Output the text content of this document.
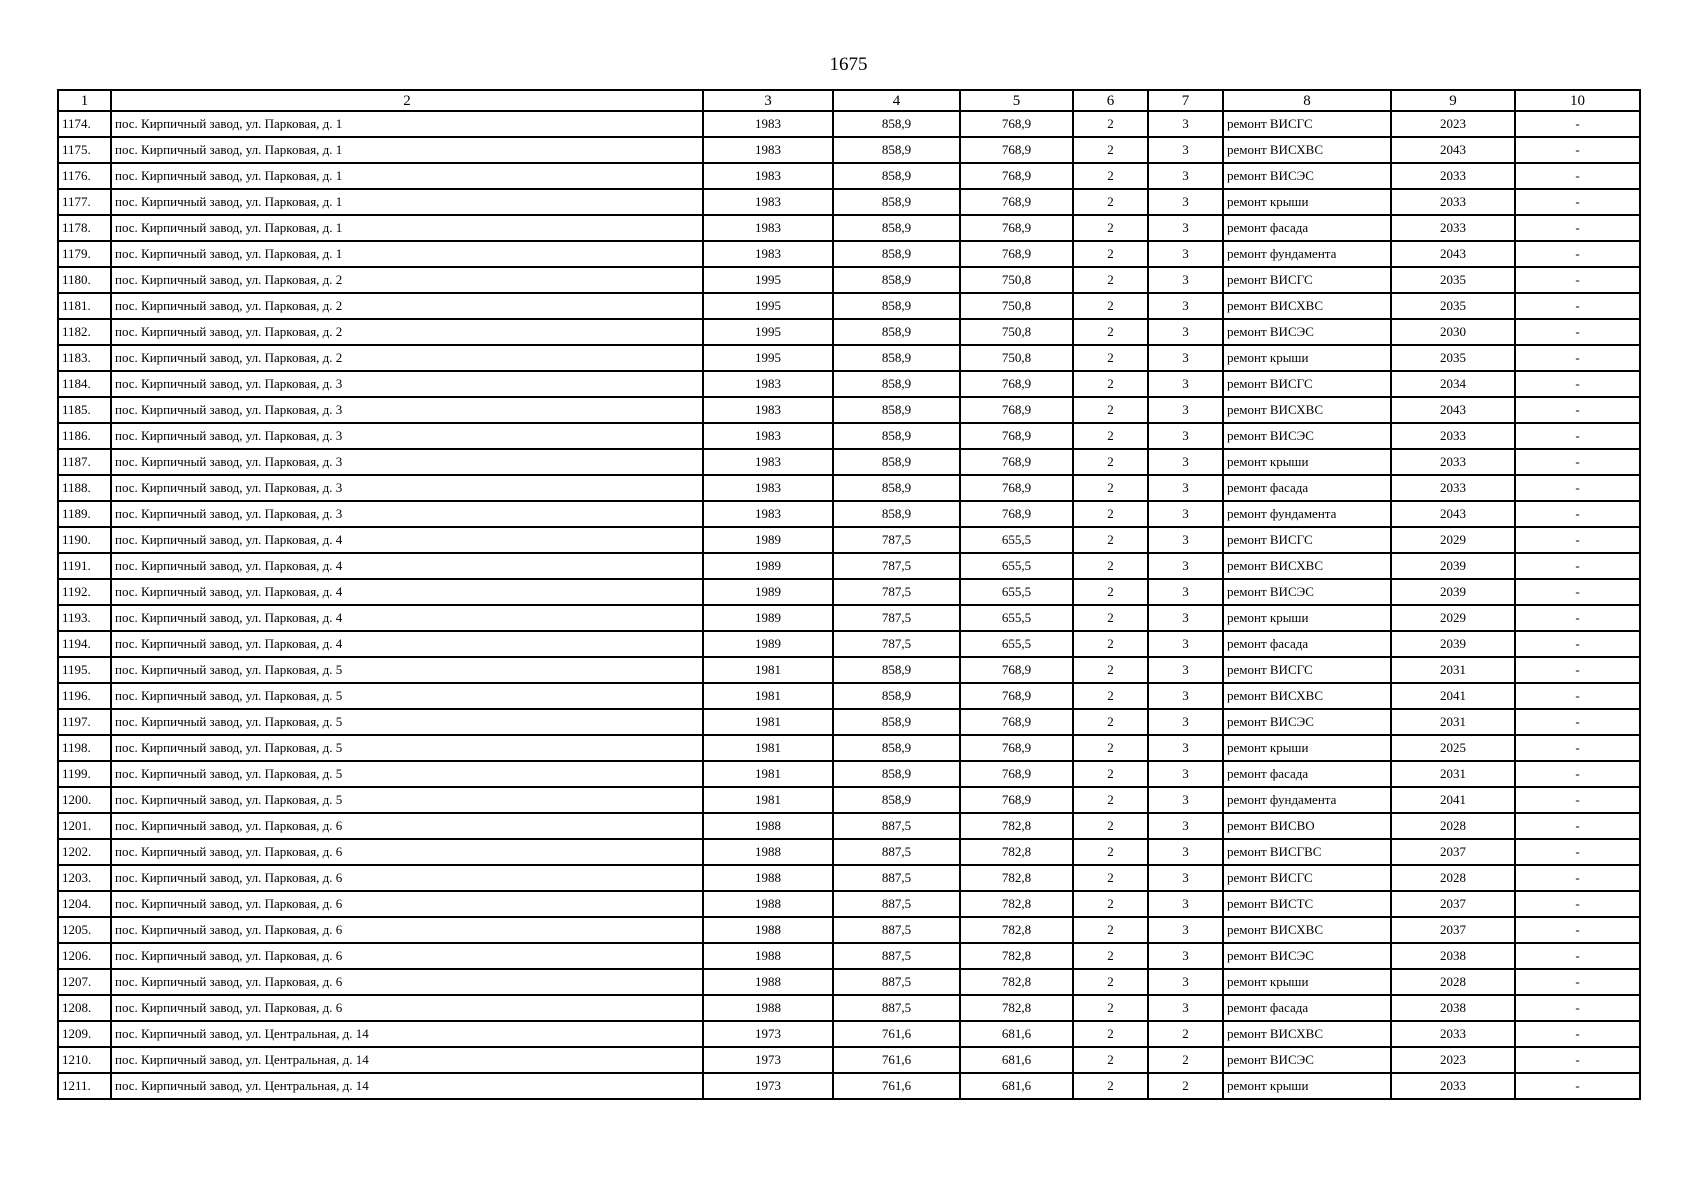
1675
1	2	3	4	5	6	7	8	9	10
1174.	пос. Кирпичный завод, ул. Парковая, д. 1	1983	858,9	768,9	2	3	ремонт ВИСГС	2023	-
1175.	пос. Кирпичный завод, ул. Парковая, д. 1	1983	858,9	768,9	2	3	ремонт ВИСХВС	2043	-
1176.	пос. Кирпичный завод, ул. Парковая, д. 1	1983	858,9	768,9	2	3	ремонт ВИСЭС	2033	-
1177.	пос. Кирпичный завод, ул. Парковая, д. 1	1983	858,9	768,9	2	3	ремонт крыши	2033	-
1178.	пос. Кирпичный завод, ул. Парковая, д. 1	1983	858,9	768,9	2	3	ремонт фасада	2033	-
1179.	пос. Кирпичный завод, ул. Парковая, д. 1	1983	858,9	768,9	2	3	ремонт фундамента	2043	-
1180.	пос. Кирпичный завод, ул. Парковая, д. 2	1995	858,9	750,8	2	3	ремонт ВИСГС	2035	-
1181.	пос. Кирпичный завод, ул. Парковая, д. 2	1995	858,9	750,8	2	3	ремонт ВИСХВС	2035	-
1182.	пос. Кирпичный завод, ул. Парковая, д. 2	1995	858,9	750,8	2	3	ремонт ВИСЭС	2030	-
1183.	пос. Кирпичный завод, ул. Парковая, д. 2	1995	858,9	750,8	2	3	ремонт крыши	2035	-
1184.	пос. Кирпичный завод, ул. Парковая, д. 3	1983	858,9	768,9	2	3	ремонт ВИСГС	2034	-
1185.	пос. Кирпичный завод, ул. Парковая, д. 3	1983	858,9	768,9	2	3	ремонт ВИСХВС	2043	-
1186.	пос. Кирпичный завод, ул. Парковая, д. 3	1983	858,9	768,9	2	3	ремонт ВИСЭС	2033	-
1187.	пос. Кирпичный завод, ул. Парковая, д. 3	1983	858,9	768,9	2	3	ремонт крыши	2033	-
1188.	пос. Кирпичный завод, ул. Парковая, д. 3	1983	858,9	768,9	2	3	ремонт фасада	2033	-
1189.	пос. Кирпичный завод, ул. Парковая, д. 3	1983	858,9	768,9	2	3	ремонт фундамента	2043	-
1190.	пос. Кирпичный завод, ул. Парковая, д. 4	1989	787,5	655,5	2	3	ремонт ВИСГС	2029	-
1191.	пос. Кирпичный завод, ул. Парковая, д. 4	1989	787,5	655,5	2	3	ремонт ВИСХВС	2039	-
1192.	пос. Кирпичный завод, ул. Парковая, д. 4	1989	787,5	655,5	2	3	ремонт ВИСЭС	2039	-
1193.	пос. Кирпичный завод, ул. Парковая, д. 4	1989	787,5	655,5	2	3	ремонт крыши	2029	-
1194.	пос. Кирпичный завод, ул. Парковая, д. 4	1989	787,5	655,5	2	3	ремонт фасада	2039	-
1195.	пос. Кирпичный завод, ул. Парковая, д. 5	1981	858,9	768,9	2	3	ремонт ВИСГС	2031	-
1196.	пос. Кирпичный завод, ул. Парковая, д. 5	1981	858,9	768,9	2	3	ремонт ВИСХВС	2041	-
1197.	пос. Кирпичный завод, ул. Парковая, д. 5	1981	858,9	768,9	2	3	ремонт ВИСЭС	2031	-
1198.	пос. Кирпичный завод, ул. Парковая, д. 5	1981	858,9	768,9	2	3	ремонт крыши	2025	-
1199.	пос. Кирпичный завод, ул. Парковая, д. 5	1981	858,9	768,9	2	3	ремонт фасада	2031	-
1200.	пос. Кирпичный завод, ул. Парковая, д. 5	1981	858,9	768,9	2	3	ремонт фундамента	2041	-
1201.	пос. Кирпичный завод, ул. Парковая, д. 6	1988	887,5	782,8	2	3	ремонт ВИСВО	2028	-
1202.	пос. Кирпичный завод, ул. Парковая, д. 6	1988	887,5	782,8	2	3	ремонт ВИСГВС	2037	-
1203.	пос. Кирпичный завод, ул. Парковая, д. 6	1988	887,5	782,8	2	3	ремонт ВИСГС	2028	-
1204.	пос. Кирпичный завод, ул. Парковая, д. 6	1988	887,5	782,8	2	3	ремонт ВИСТС	2037	-
1205.	пос. Кирпичный завод, ул. Парковая, д. 6	1988	887,5	782,8	2	3	ремонт ВИСХВС	2037	-
1206.	пос. Кирпичный завод, ул. Парковая, д. 6	1988	887,5	782,8	2	3	ремонт ВИСЭС	2038	-
1207.	пос. Кирпичный завод, ул. Парковая, д. 6	1988	887,5	782,8	2	3	ремонт крыши	2028	-
1208.	пос. Кирпичный завод, ул. Парковая, д. 6	1988	887,5	782,8	2	3	ремонт фасада	2038	-
1209.	пос. Кирпичный завод, ул. Центральная, д. 14	1973	761,6	681,6	2	2	ремонт ВИСХВС	2033	-
1210.	пос. Кирпичный завод, ул. Центральная, д. 14	1973	761,6	681,6	2	2	ремонт ВИСЭС	2023	-
1211.	пос. Кирпичный завод, ул. Центральная, д. 14	1973	761,6	681,6	2	2	ремонт крыши	2033	-
